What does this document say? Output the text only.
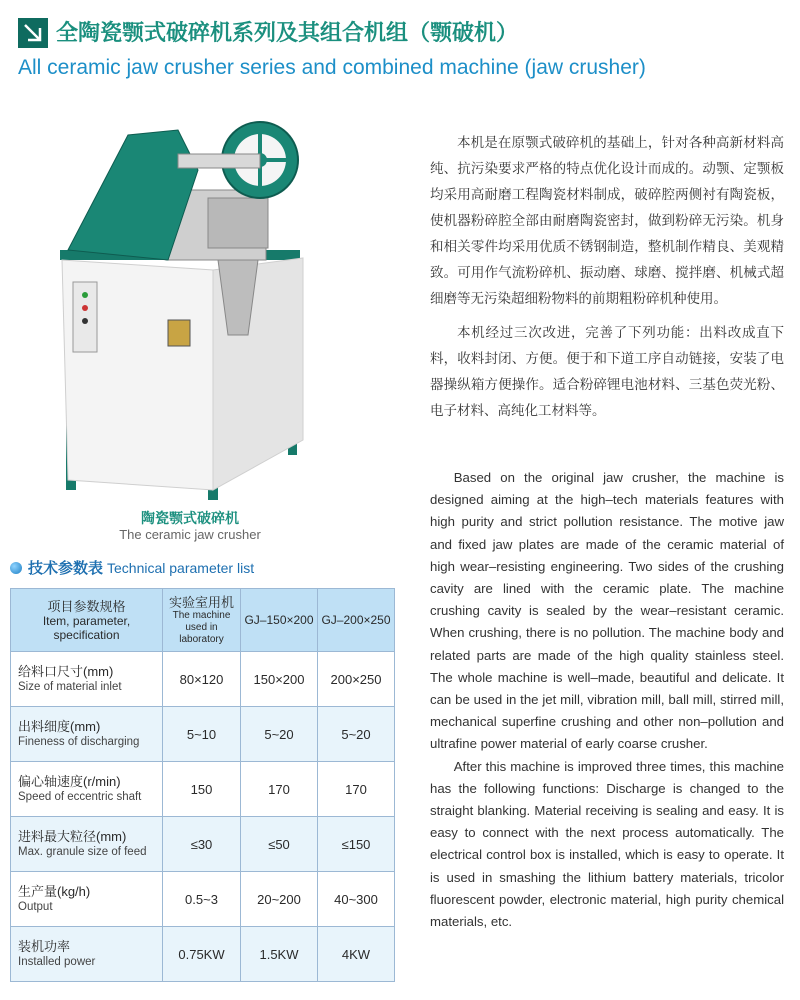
全陶瓷颚式破碎机系列及其组合机组（颚破机）
All ceramic jaw crusher series and combined machine (jaw crusher)
陶瓷颚式破碎机
The ceramic jaw crusher
技术参数表 Technical parameter list
项目参数规格
Item, parameter, specification	实验室用机
The machine used in laboratory	GJ–150×200	GJ–200×250

给料口尺寸(mm)
Size of material inlet	80×120	150×200	200×250

出料细度(mm)
Fineness of discharging	5~10	5~20	5~20

偏心轴速度(r/min)
Speed of eccentric shaft	150	170	170

进料最大粒径(mm)
Max. granule size of feed	≤30	≤50	≤150

生产量(kg/h)
Output	0.5~3	20~200	40~300

装机功率
Installed power	0.75KW	1.5KW	4KW

本机是在原颚式破碎机的基础上，针对各种高新材料高纯、抗污染要求严格的特点优化设计而成的。动颚、定颚板均采用高耐磨工程陶瓷材料制成，破碎腔两侧衬有陶瓷板，使机器粉碎腔全部由耐磨陶瓷密封，做到粉碎无污染。机身和相关零件均采用优质不锈钢制造，整机制作精良、美观精致。可用作气流粉碎机、振动磨、球磨、搅拌磨、机械式超细磨等无污染超细粉物料的前期粗粉碎机种使用。

本机经过三次改进，完善了下列功能：出料改成直下料，收料封闭、方便。便于和下道工序自动链接，安装了电器操纵箱方便操作。适合粉碎锂电池材料、三基色荧光粉、电子材料、高纯化工材料等。

Based on the original jaw crusher, the machine is designed aiming at the high–tech materials features with high purity and strict pollution resistance. The motive jaw and fixed jaw plates are made of the ceramic material of high wear–resisting engineering. Two sides of the crushing cavity are lined with the ceramic plate. The machine crushing cavity is sealed by the wear–resistant ceramic. When crushing, there is no pollution. The machine body and related parts are made of the high quality stainless steel. The whole machine is well–made, beautiful and delicate. It can be used in the jet mill, vibration mill, ball mill, stirred mill, mechanical superfine crushing and other non–pollution and ultrafine power material of early coarse crusher.

After this machine is improved three times, this machine has the following functions: Discharge is changed to the straight blanking. Material receiving is sealing and easy. It is easy to connect with the next process automatically. The electrical control box is installed, which is easy to operate. It is used in smashing the lithium battery materials, tricolor fluorescent powder, electronic material, high purity chemical materials, etc.
